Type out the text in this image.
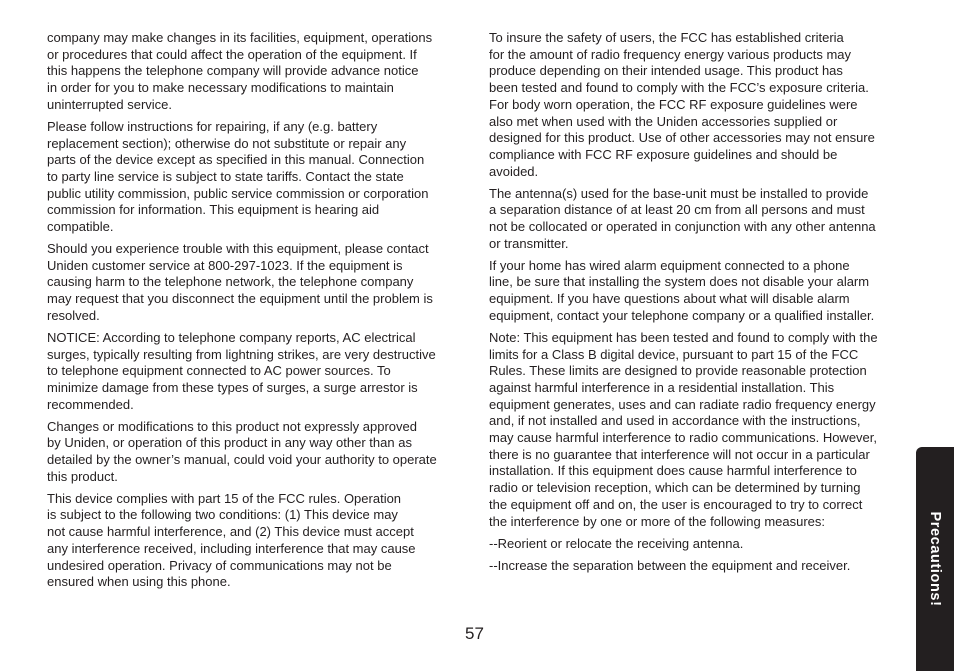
company may make changes in its facilities, equipment, operations
or procedures that could affect the operation of the equipment. If
this happens the telephone company will provide advance notice
in order for you to make necessary modifications to maintain
uninterrupted service.

Please follow instructions for repairing, if any (e.g. battery
replacement section); otherwise do not substitute or repair any
parts of the device except as specified in this manual. Connection
to party line service is subject to state tariffs. Contact the state
public utility commission, public service commission or corporation
commission for information. This equipment is hearing aid
compatible.

Should you experience trouble with this equipment, please contact
Uniden customer service at 800-297-1023. If the equipment is
causing harm to the telephone network, the telephone company
may request that you disconnect the equipment until the problem is
resolved.

NOTICE: According to telephone company reports, AC electrical
surges, typically resulting from lightning strikes, are very destructive
to telephone equipment connected to AC power sources. To
minimize damage from these types of surges, a surge arrestor is
recommended.

Changes or modifications to this product not expressly approved
by Uniden, or operation of this product in any way other than as
detailed by the owner’s manual, could void your authority to operate
this product.

This device complies with part 15 of the FCC rules. Operation
is subject to the following two conditions: (1) This device may
not cause harmful interference, and (2) This device must accept
any interference received, including interference that may cause
undesired operation. Privacy of communications may not be
ensured when using this phone.

To insure the safety of users, the FCC has established criteria
for the amount of radio frequency energy various products may
produce depending on their intended usage. This product has
been tested and found to comply with the FCC’s exposure criteria.
For body worn operation, the FCC RF exposure guidelines were
also met when used with the Uniden accessories supplied or
designed for this product. Use of other accessories may not ensure
compliance with FCC RF exposure guidelines and should be
avoided.

The antenna(s) used for the base-unit must be installed to provide
a separation distance of at least 20 cm from all persons and must
not be collocated or operated in conjunction with any other antenna
or transmitter.

If your home has wired alarm equipment connected to a phone
line, be sure that installing the system does not disable your alarm
equipment. If you have questions about what will disable alarm
equipment, contact your telephone company or a qualified installer.

Note: This equipment has been tested and found to comply with the
limits for a Class B digital device, pursuant to part 15 of the FCC
Rules. These limits are designed to provide reasonable protection
against harmful interference in a residential installation. This
equipment generates, uses and can radiate radio frequency energy
and, if not installed and used in accordance with the instructions,
may cause harmful interference to radio communications. However,
there is no guarantee that interference will not occur in a particular
installation. If this equipment does cause harmful interference to
radio or television reception, which can be determined by turning
the equipment off and on, the user is encouraged to try to correct
the interference by one or more of the following measures:

--Reorient or relocate the receiving antenna.

--Increase the separation between the equipment and receiver.

57
Precautions!
